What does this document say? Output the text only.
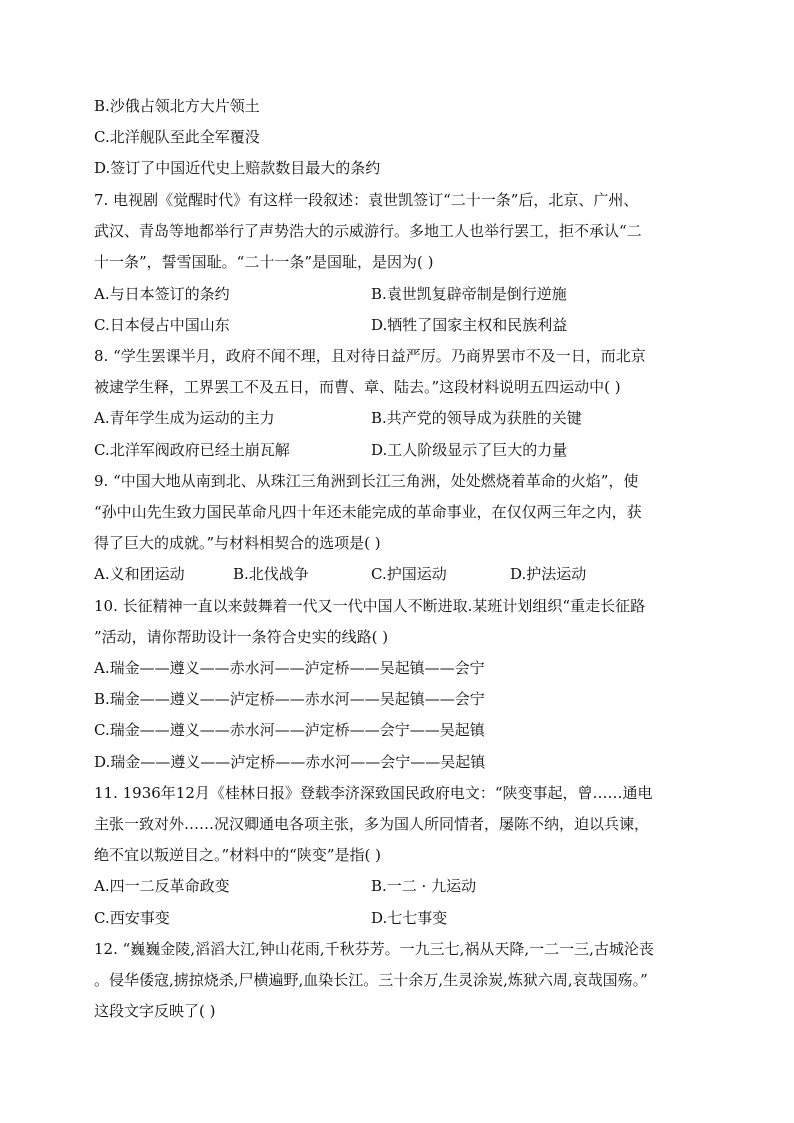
B.沙俄占领北方大片领土
C.北洋舰队至此全军覆没
D.签订了中国近代史上赔款数目最大的条约
7. 电视剧《觉醒时代》有这样一段叙述：袁世凯签订“二十一条”后，北京、广州、
武汉、青岛等地都举行了声势浩大的示威游行。多地工人也举行罢工，拒不承认“二
十一条”，誓雪国耻。“二十一条”是国耻，是因为( )
A.与日本签订的条约	B.袁世凯复辟帝制是倒行逆施
C.日本侵占中国山东	D.牺牲了国家主权和民族利益
8. “学生罢课半月，政府不闻不理，且对待日益严厉。乃商界罢市不及一日，而北京
被逮学生释，工界罢工不及五日，而曹、章、陆去。”这段材料说明五四运动中( )
A.青年学生成为运动的主力	B.共产党的领导成为获胜的关键
C.北洋军阀政府已经土崩瓦解	D.工人阶级显示了巨大的力量
9. “中国大地从南到北、从珠江三角洲到长江三角洲，处处燃烧着革命的火焰”，使
“孙中山先生致力国民革命凡四十年还未能完成的革命事业，在仅仅两三年之内，获
得了巨大的成就。”与材料相契合的选项是( )
A.义和团运动	B.北伐战争	C.护国运动	D.护法运动
10. 长征精神一直以来鼓舞着一代又一代中国人不断进取.某班计划组织“重走长征路
”活动，请你帮助设计一条符合史实的线路( )
A.瑞金——遵义——赤水河——泸定桥——吴起镇——会宁
B.瑞金——遵义——泸定桥——赤水河——吴起镇——会宁
C.瑞金——遵义——赤水河——泸定桥——会宁——吴起镇
D.瑞金——遵义——泸定桥——赤水河——会宁——吴起镇
11. 1936年12月《桂林日报》登载李济深致国民政府电文：“陕变事起，曾……通电
主张一致对外……况汉卿通电各项主张，多为国人所同情者，屡陈不纳，迫以兵谏，
绝不宜以叛逆目之。”材料中的“陕变”是指( )
A.四一二反革命政变	B.一二 · 九运动
C.西安事变	D.七七事变
12. “巍巍金陵,滔滔大江,钟山花雨,千秋芬芳。一九三七,祸从天降,一二一三,古城沦丧
。侵华倭寇,掳掠烧杀,尸横遍野,血染长江。三十余万,生灵涂炭,炼狱六周,哀哉国殇。”
这段文字反映了( )
